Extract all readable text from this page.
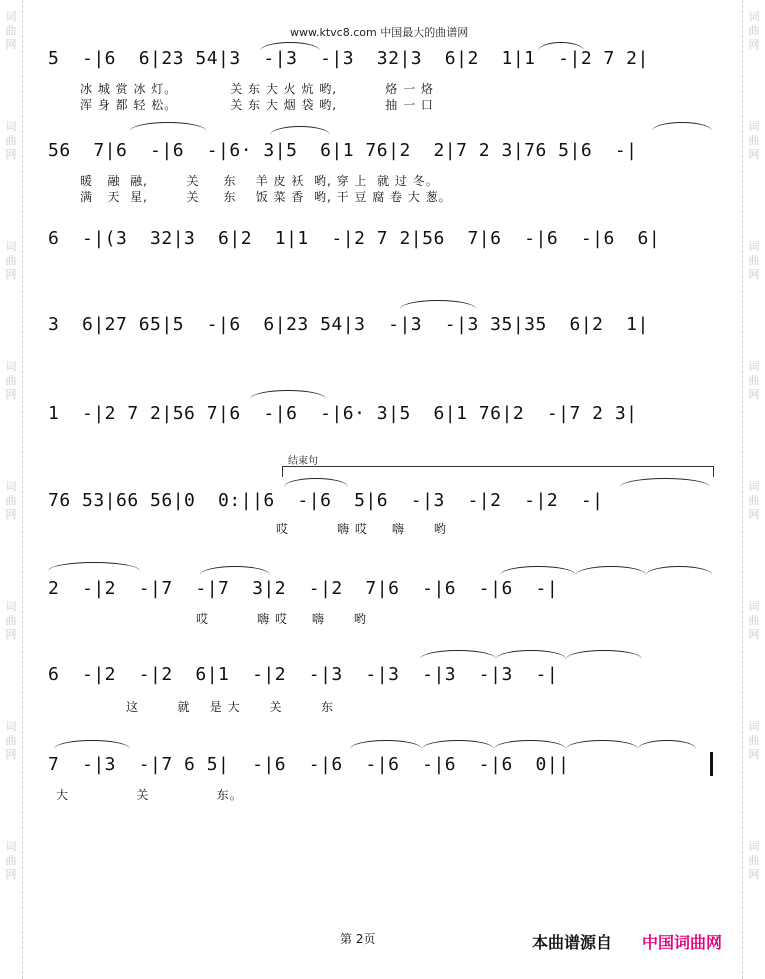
词曲网
词曲网
词曲网
词曲网
词曲网
词曲网
词曲网
词曲网
词曲网
词曲网
词曲网
词曲网
词曲网
词曲网
词曲网
词曲网
www.ktvc8.com 中国最大的曲谱网
5  -|6  6|23 54|3  -|3  -|3  32|3  6|2  1|1  -|2 7 2|
冰 城 赏 冰 灯。           关 东 大 火 炕 哟,          烙 一 烙
浑 身 都 轻 松。           关 东 大 烟 袋 哟,          抽 一 口
56  7|6  -|6  -|6· 3|5  6|1 76|2  2|7 2 3|76 5|6  -|
暖   融  融,        关     东    羊 皮 袄  哟, 穿 上  就 过 冬。
满   天  星,        关     东    饭 菜 香  哟, 干 豆 腐 卷 大 葱。
6  -|(3  32|3  6|2  1|1  -|2 7 2|56  7|6  -|6  -|6  6|
3  6|27 65|5  -|6  6|23 54|3  -|3  -|3 35|35  6|2  1|
1  -|2 7 2|56 7|6  -|6  -|6· 3|5  6|1 76|2  -|7 2 3|
结束句
76 53|66 56|0  0:||6  -|6  5|6  -|3  -|2  -|2  -|
哎          嗨 哎     嗨      哟
2  -|2  -|7  -|7  3|2  -|2  7|6  -|6  -|6  -|
哎          嗨 哎     嗨      哟
6  -|2  -|2  6|1  -|2  -|3  -|3  -|3  -|3  -|
这        就    是 大      关        东
7  -|3  -|7 6 5|  -|6  -|6  -|6  -|6  -|6  0||
大              关              东。
第 2页	本曲谱源自 中国词曲网
